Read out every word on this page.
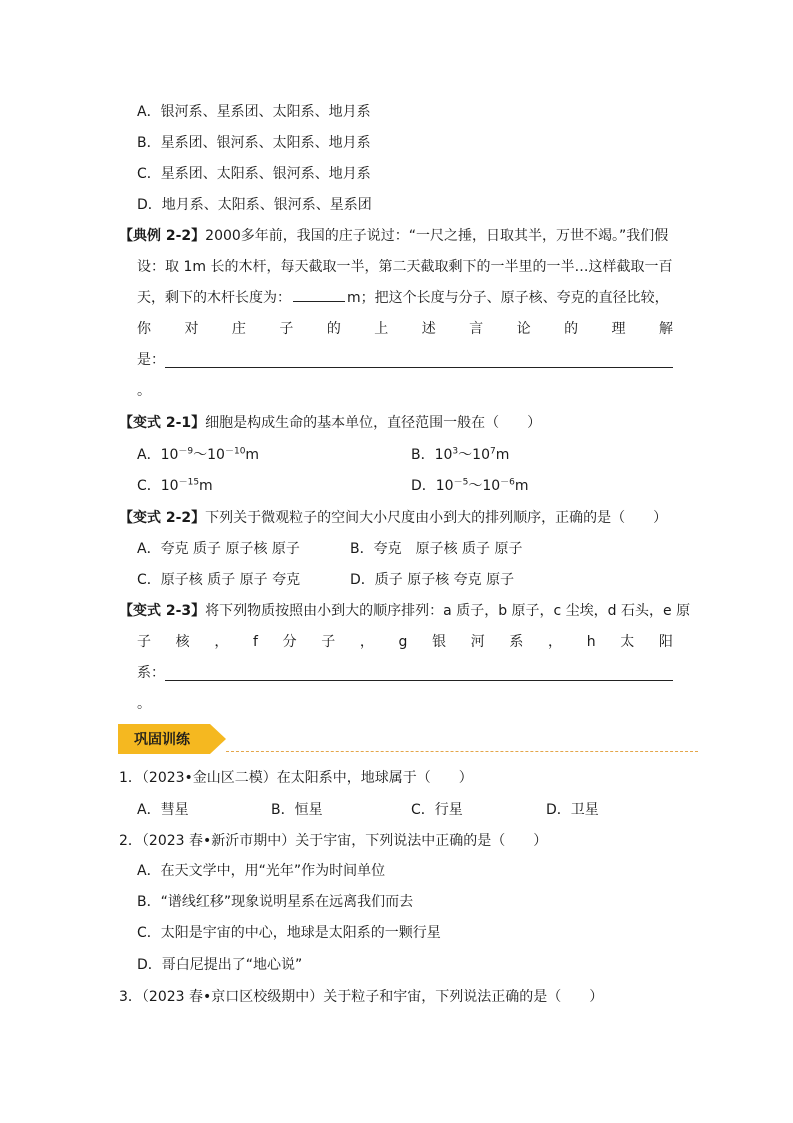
A．银河系、星系团、太阳系、地月系
B．星系团、银河系、太阳系、地月系
C．星系团、太阳系、银河系、地月系
D．地月系、太阳系、银河系、星系团
【典例 2-2】2000多年前，我国的庄子说过：“一尺之捶，日取其半，万世不竭。”我们假
设：取 1m 长的木杆，每天截取一半，第二天截取剩下的一半里的一半…这样截取一百
天，剩下的木杆长度为：	m；把这个长度与分子、原子核、夸克的直径比较，
你 对 庄 子 的 上 述 言 论 的 理 解
是：
。
【变式 2-1】细胞是构成生命的基本单位，直径范围一般在（　　）
A．$10^{-9}\sim 10^{-10}m$	B．$10^3\sim 10^7m$
C．$10^{-15}m$	D．$10^{-5}\sim 10^{-6}m$
【变式 2-2】下列关于微观粒子的空间大小尺度由小到大的排列顺序，正确的是（　　）
A．夸克 质子 原子核 原子	B．夸克　原子核 质子 原子
C．原子核 质子 原子 夸克	D．质子 原子核 夸克 原子
【变式 2-3】将下列物质按照由小到大的顺序排列：a 质子，b 原子，c 尘埃，d 石头，e 原
子 核 ， f 分 子 ， g 银 河 系 ， h 太 阳
系：
。
巩固训练
1．（2023•金山区二模）在太阳系中，地球属于（　　）
A．彗星	B．恒星	C．行星	D．卫星
2．（2023 春•新沂市期中）关于宇宙，下列说法中正确的是（　　）
A．在天文学中，用“光年”作为时间单位
B．“谱线红移”现象说明星系在远离我们而去
C．太阳是宇宙的中心，地球是太阳系的一颗行星
D．哥白尼提出了“地心说”
3．（2023 春•京口区校级期中）关于粒子和宇宙，下列说法正确的是（　　）
